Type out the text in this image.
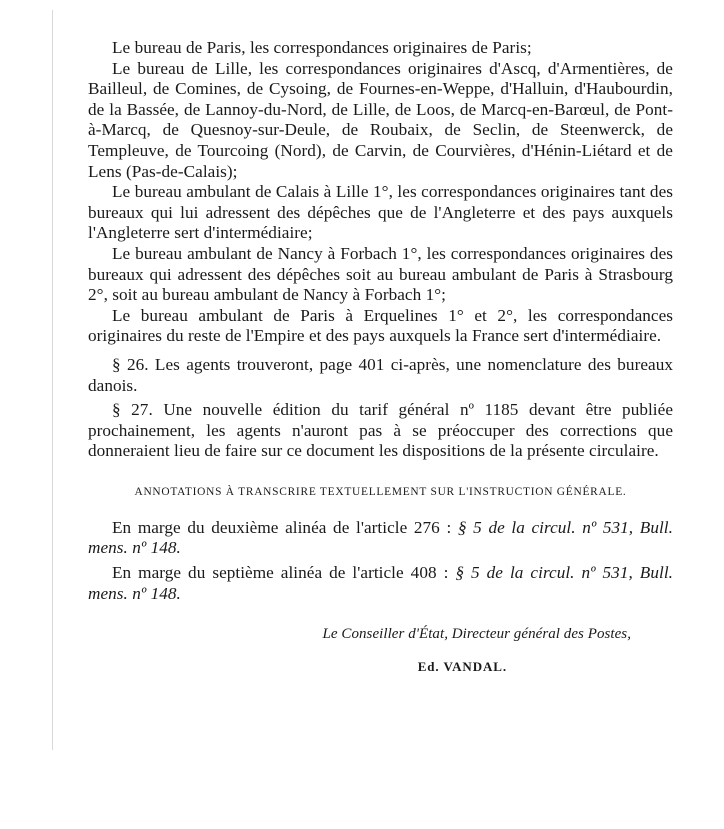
Le bureau de Paris, les correspondances originaires de Paris;

Le bureau de Lille, les correspondances originaires d'Ascq, d'Armentières, de Bailleul, de Comines, de Cysoing, de Fournes-en-Weppe, d'Halluin, d'Haubourdin, de la Bassée, de Lannoy-du-Nord, de Lille, de Loos, de Marcq-en-Barœul, de Pont-à-Marcq, de Quesnoy-sur-Deule, de Roubaix, de Seclin, de Steenwerck, de Templeuve, de Tourcoing (Nord), de Carvin, de Courvières, d'Hénin-Liétard et de Lens (Pas-de-Calais);

Le bureau ambulant de Calais à Lille 1°, les correspondances originaires tant des bureaux qui lui adressent des dépêches que de l'Angleterre et des pays auxquels l'Angleterre sert d'intermédiaire;

Le bureau ambulant de Nancy à Forbach 1°, les correspondances originaires des bureaux qui adressent des dépêches soit au bureau ambulant de Paris à Strasbourg 2°, soit au bureau ambulant de Nancy à Forbach 1°;

Le bureau ambulant de Paris à Erquelines 1° et 2°, les correspondances originaires du reste de l'Empire et des pays auxquels la France sert d'intermédiaire.

§ 26. Les agents trouveront, page 401 ci-après, une nomenclature des bureaux danois.

§ 27. Une nouvelle édition du tarif général nº 1185 devant être publiée prochainement, les agents n'auront pas à se préoccuper des corrections que donneraient lieu de faire sur ce document les dispositions de la présente circulaire.

ANNOTATIONS À TRANSCRIRE TEXTUELLEMENT SUR L'INSTRUCTION GÉNÉRALE.

En marge du deuxième alinéa de l'article 276 : § 5 de la circul. nº 531, Bull. mens. nº 148.

En marge du septième alinéa de l'article 408 : § 5 de la circul. nº 531, Bull. mens. nº 148.

Le Conseiller d'État, Directeur général des Postes,

Ed. VANDAL.
